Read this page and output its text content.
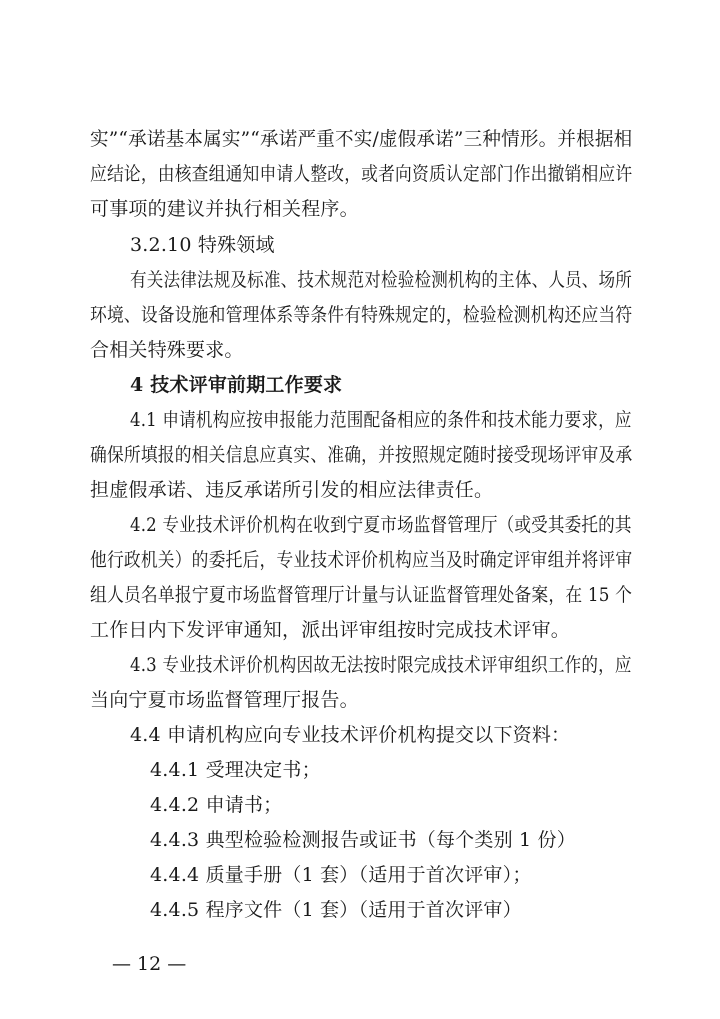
实”“承诺基本属实”“承诺严重不实/虚假承诺”三种情形。并根据相
应结论，由核查组通知申请人整改，或者向资质认定部门作出撤销相应许
可事项的建议并执行相关程序。
3.2.10 特殊领域
有关法律法规及标准、技术规范对检验检测机构的主体、人员、场所
环境、设备设施和管理体系等条件有特殊规定的，检验检测机构还应当符
合相关特殊要求。
4 技术评审前期工作要求
4.1 申请机构应按申报能力范围配备相应的条件和技术能力要求，应
确保所填报的相关信息应真实、准确，并按照规定随时接受现场评审及承
担虚假承诺、违反承诺所引发的相应法律责任。
4.2 专业技术评价机构在收到宁夏市场监督管理厅（或受其委托的其
他行政机关）的委托后，专业技术评价机构应当及时确定评审组并将评审
组人员名单报宁夏市场监督管理厅计量与认证监督管理处备案，在 15 个
工作日内下发评审通知，派出评审组按时完成技术评审。
4.3 专业技术评价机构因故无法按时限完成技术评审组织工作的，应
当向宁夏市场监督管理厅报告。
4.4 申请机构应向专业技术评价机构提交以下资料：
4.4.1 受理决定书；
4.4.2 申请书；
4.4.3 典型检验检测报告或证书（每个类别 1 份）
4.4.4 质量手册（1 套）（适用于首次评审）；
4.4.5 程序文件（1 套）（适用于首次评审）
— 12 —
